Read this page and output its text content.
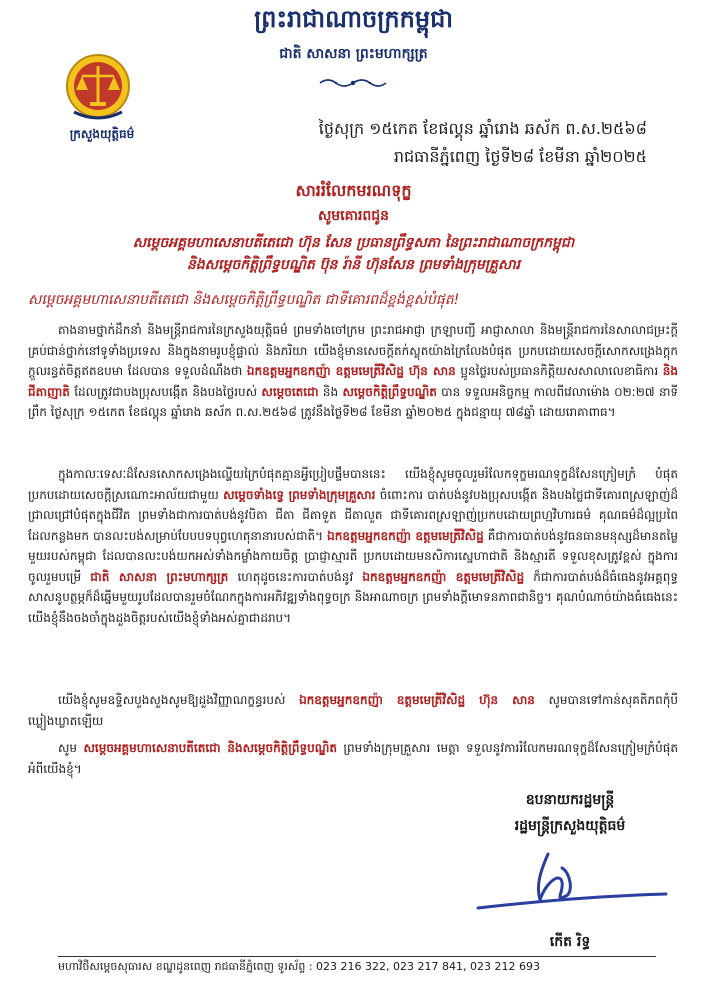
ព្រះរាជាណាចក្រកម្ពុជា
ជាតិ សាសនា ព្រះមហាក្សត្រ
ក្រសួងយុត្តិធម៌	ថ្ងៃសុក្រ ១៥កេត ខែផល្គុន ឆ្នាំរោង ឆស័ក ព.ស.២៥៦៨
រាជធានីភ្នំពេញ ថ្ងៃទី២៨ ខែមីនា ឆ្នាំ២០២៥
សាររំលែកមរណទុក្ខ
សូមគោរពជូន
សម្ដេចអគ្គមហាសេនាបតីតេជោ ហ៊ុន សែន ប្រធានព្រឹទ្ធសភា នៃព្រះរាជាណាចក្រកម្ពុជា
និងសម្ដេចកិត្តិព្រឹទ្ធបណ្ឌិត ប៊ុន រ៉ានី ហ៊ុនសែន ព្រមទាំងក្រុមគ្រួសារ
សម្ដេចអគ្គមហាសេនាបតីតេជោ និងសម្ដេចកិត្តិព្រឹទ្ធបណ្ឌិត ជាទីគោរពដ៏ខ្ពង់ខ្ពស់បំផុត!
តាងនាមថ្នាក់ដឹកនាំ និងមន្ត្រីរាជការនៃក្រសួងយុត្តិធម៌ ព្រមទាំងចៅក្រម ព្រះរាជអាជ្ញា ក្រឡាបញ្ជី អាជ្ញាសាលា និងមន្ត្រីរាជការនៃសាលាជម្រះក្ដីគ្រប់ជាន់ថ្នាក់នៅទូទាំងប្រទេស និងក្នុងនាមរូបខ្ញុំផ្ទាល់ និងភរិយា យើងខ្ញុំមានសេចក្ដីតក់ស្លុតយ៉ាងក្រៃលែងបំផុត ប្រកបដោយសេចក្ដីសោកសង្រេងក្ដុកក្ដួលរន្ធត់ចិត្តឥតឧបមា ដែលបាន ទទួលដំណឹងថា ឯកឧត្តមអ្នកឧកញ៉ា ឧត្តមមេត្រីវិសិដ្ឋ ហ៊ុន សាន ប្អូនថ្លៃរបស់ប្រធានកិត្តិយសសាលាលេខាធិការ និងជីតាញាតិ ដែលត្រូវជាបងប្រុសបង្កើត និងបងថ្លៃរបស់ សម្ដេចតេជោ និង សម្ដេចកិត្តិព្រឹទ្ធបណ្ឌិត បាន ទទួលអនិច្ចកម្ម កាលពីវេលាម៉ោង ០២:២៧ នាទីព្រឹក ថ្ងៃសុក្រ ១៥កេត ខែផល្គុន ឆ្នាំរោង ឆស័ក ព.ស.២៥៦៨ ត្រូវនឹងថ្ងៃទី២៨ ខែមីនា ឆ្នាំ២០២៥ ក្នុងជន្មាយុ ៧៨ឆ្នាំ ដោយរោគាពាធ។
ក្នុងកាលៈទេសៈដ៏សែនសោកសង្រេងល្ហើយក្រៃបំផុតគ្មានអ្វីប្រៀបផ្ទឹមបាននេះ យើងខ្ញុំសូមចូលរួមរំលែកទុក្ខមរណទុក្ខដ៏សែនក្រៀមក្រំ បំផុតប្រកបដោយសេចក្ដីស្រណោះអាល័យជាមួយ សម្ដេចទាំងទ្វេ ព្រមទាំងក្រុមគ្រួសារ ចំពោះការ បាត់បង់នូវបងប្រុសបង្កើត និងបងថ្លៃជាទីគោរពស្រឡាញ់ដ៏ជ្រាលជ្រៅបំផុតក្នុងជីវិត ព្រមទាំងជាការបាត់បង់នូវបិតា ជីតា ជីតាទួត ជីតាលួត ជាទីគោរពស្រឡាញ់ប្រកបដោយព្រហ្មវិហារធម៌ គុណធម៌ដ៏ល្អប្រពៃ ដែលកន្លងមក បានលះបង់សម្រាប់បែបបទបុព្វហេតុនានារបស់ជាតិ។ ឯកឧត្តមអ្នកឧកញ៉ា ឧត្តមមេត្រីវិសិដ្ឋ គឺជាការបាត់បង់នូវធនធានមនុស្សដ៏មានតម្លៃមួយរបស់កម្ពុជា ដែលបានលះបង់យកអស់ទាំងកម្លាំងកាយចិត្ត ប្រាជ្ញាស្មារតី ប្រកបដោយមនសិការស្នេហាជាតិ និងស្មារតី ទទួលខុសត្រូវខ្ពស់ ក្នុងការចូលរួមបម្រើ ជាតិ សាសនា ព្រះមហាក្សត្រ ហេតុដូចនេះការបាត់បង់នូវ ឯកឧត្តមអ្នកឧកញ៉ា ឧត្តមមេត្រីវិសិដ្ឋ ក៏ជាការបាត់បង់ដ៏ធំធេងនូវអគ្គពុទ្ធសាសនូបត្ថម្ភក៏ដ៏ឆ្នើមមួយរូបដែលបានរួមចំណែកក្នុងការអភិវឌ្ឍទាំងពុទ្ធចក្រ និងអាណាចក្រ ព្រមទាំងក្ដីមោទនភាពជានិច្ច។ គុណបំណាច់យ៉ាងធំធេងនេះ យើងខ្ញុំនឹងចងចាំក្នុងដួងចិត្តរបស់យើងខ្ញុំទាំងអស់គ្នាជាដរាប។
យើងខ្ញុំសូមឧទ្ទិសបួងសួងសូមឱ្យដួងវិញ្ញាណក្ខន្ធរបស់ ឯកឧត្តមអ្នកឧកញ៉ា ឧត្តមមេត្រីវិសិដ្ឋ ហ៊ុន សាន សូមបានទៅកាន់សុគតិភពកុំបីឃ្លៀងឃ្លាតឡើយ
សូម សម្ដេចអគ្គមហាសេនាបតីតេជោ និងសម្ដេចកិត្តិព្រឹទ្ធបណ្ឌិត ព្រមទាំងក្រុមគ្រួសារ មេត្តា ទទួលនូវការរំលែកមរណទុក្ខដ៏សែនក្រៀមក្រំបំផុតអំពីយើងខ្ញុំ។
ឧបនាយករដ្ឋមន្ត្រី
រដ្ឋមន្ត្រីក្រសួងយុត្តិធម៌
កើត រិទ្ធ
មហាវិថីសម្ដេចសុធារស ខណ្ឌដូនពេញ រាជធានីភ្នំពេញ ទូរស័ព្ទ : 023 216 322, 023 217 841, 023 212 693
